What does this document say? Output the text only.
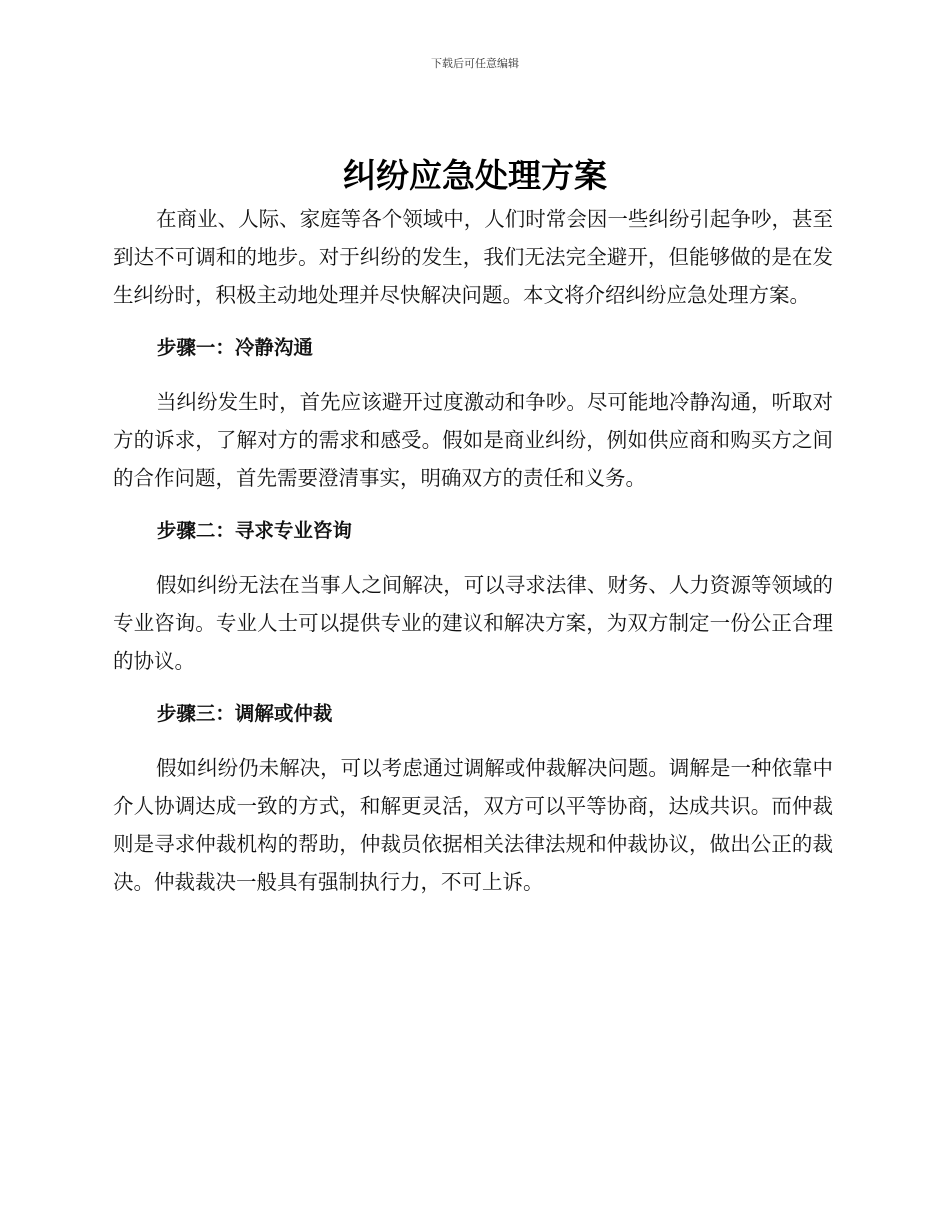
下载后可任意编辑
纠纷应急处理方案

在商业、人际、家庭等各个领域中，人们时常会因一些纠纷引起争吵，甚至到达不可调和的地步。对于纠纷的发生，我们无法完全避开，但能够做的是在发生纠纷时，积极主动地处理并尽快解决问题。本文将介绍纠纷应急处理方案。

步骤一：冷静沟通

当纠纷发生时，首先应该避开过度激动和争吵。尽可能地冷静沟通，听取对方的诉求，了解对方的需求和感受。假如是商业纠纷，例如供应商和购买方之间的合作问题，首先需要澄清事实，明确双方的责任和义务。

步骤二：寻求专业咨询

假如纠纷无法在当事人之间解决，可以寻求法律、财务、人力资源等领域的专业咨询。专业人士可以提供专业的建议和解决方案，为双方制定一份公正合理的协议。

步骤三：调解或仲裁

假如纠纷仍未解决，可以考虑通过调解或仲裁解决问题。调解是一种依靠中介人协调达成一致的方式，和解更灵活，双方可以平等协商，达成共识。而仲裁则是寻求仲裁机构的帮助，仲裁员依据相关法律法规和仲裁协议，做出公正的裁决。仲裁裁决一般具有强制执行力，不可上诉。
